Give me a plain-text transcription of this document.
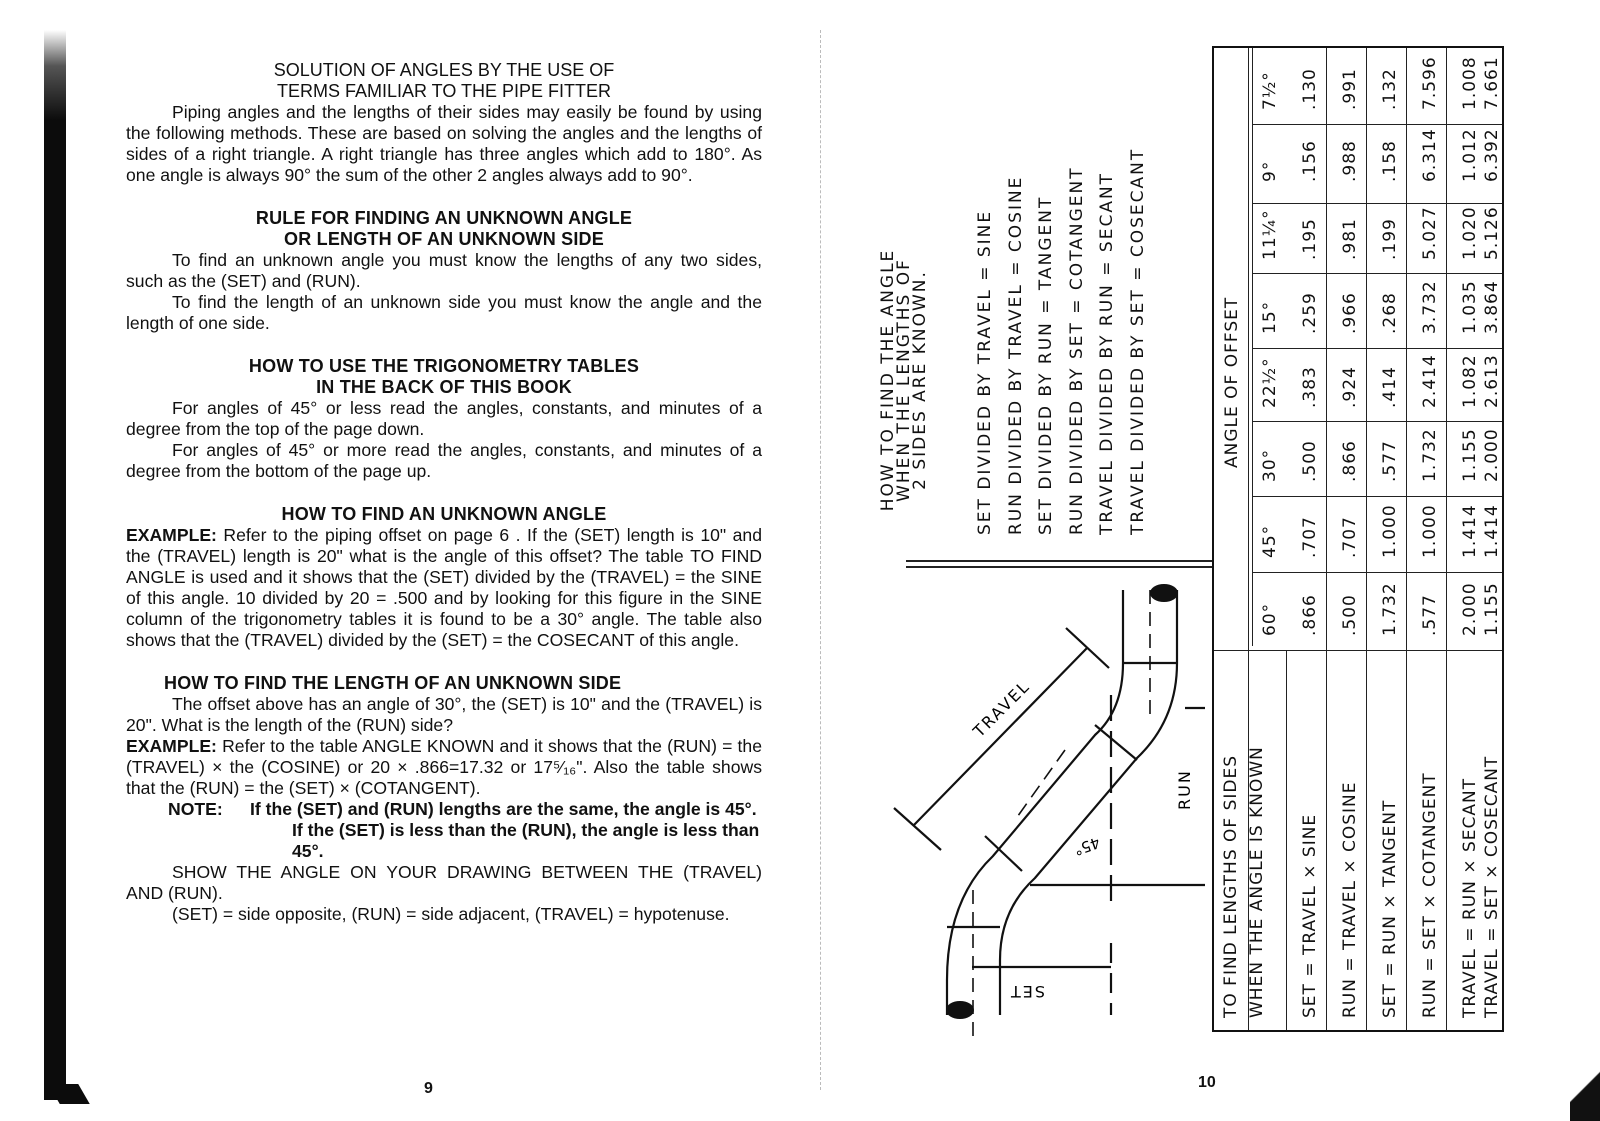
SOLUTION OF ANGLES BY THE USE OF

TERMS FAMILIAR TO THE PIPE FITTER

Piping angles and the lengths of their sides may easily be found by using the following methods. These are based on solving the angles and the lengths of sides of a right triangle. A right triangle has three angles which add to 180°. As one angle is always 90° the sum of the other 2 angles always add to 90°.

RULE FOR FINDING AN UNKNOWN ANGLE

OR LENGTH OF AN UNKNOWN SIDE

To find an unknown angle you must know the lengths of any two sides, such as the (SET) and (RUN).

To find the length of an unknown side you must know the angle and the length of one side.

HOW TO USE THE TRIGONOMETRY TABLES

IN THE BACK OF THIS BOOK

For angles of 45° or less read the angles, constants, and minutes of a degree from the top of the page down.

For angles of 45° or more read the angles, constants, and minutes of a degree from the bottom of the page up.

HOW TO FIND AN UNKNOWN ANGLE

EXAMPLE: Refer to the piping offset on page 6 . If the (SET) length is 10" and the (TRAVEL) length is 20" what is the angle of this offset? The table TO FIND ANGLE is used and it shows that the (SET) divided by the (TRAVEL) = the SINE of this angle. 10 divided by 20 = .500 and by looking for this figure in the SINE column of the trigonometry tables it is found to be a 30° angle. The table also shows that the (TRAVEL) divided by the (SET) = the COSECANT of this angle.

HOW TO FIND THE LENGTH OF AN UNKNOWN SIDE

The offset above has an angle of 30°, the (SET) is 10" and the (TRAVEL) is 20". What is the length of the (RUN) side?

EXAMPLE: Refer to the table ANGLE KNOWN and it shows that the (RUN) = the (TRAVEL) × the (COSINE) or 20 × .866=17.32 or 17⁵⁄₁₆". Also the table shows that the (RUN) = the (SET) × (COTANGENT).

NOTE: If the (SET) and (RUN) lengths are the same, the angle is 45°.

If the (SET) is less than the (RUN), the angle is less than 45°.

SHOW THE ANGLE ON YOUR DRAWING BETWEEN THE (TRAVEL) AND (RUN).

(SET) = side opposite, (RUN) = side adjacent, (TRAVEL) = hypotenuse.

9
HOW TO FIND THE ANGLE
WHEN THE LENGTHS OF
2 SIDES ARE KNOWN.	SET DIVIDED BY TRAVEL = SINE RUN DIVIDED BY TRAVEL = COSINE SET DIVIDED BY RUN = TANGENT RUN DIVIDED BY SET = COTANGENT TRAVEL DIVIDED BY RUN = SECANT TRAVEL DIVIDED BY SET = COSECANT
TRAVEL
RUN
SET
45°
ANGLE OF OFFSET
TO FIND LENGTHS OF SIDES WHEN THE ANGLE IS KNOWN
60°
45°
30°
22½°
15°
11¼°
9°
7½°
SET = TRAVEL × SINE RUN = TRAVEL × COSINE SET = RUN × TANGENT RUN = SET × COTANGENT TRAVEL = RUN × SECANT TRAVEL = SET × COSECANT
.866
.707
.500
.383
.259
.195
.156
.130
.500
.707
.866
.924
.966
.981
.988
.991
1.732
1.000
.577
.414
.268
.199
.158
.132
.577
1.000
1.732
2.414
3.732
5.027
6.314
7.596
2.000
1.414
1.155
1.082
1.035
1.020
1.012
1.008
1.155
1.414
2.000
2.613
3.864
5.126
6.392
7.661
10
